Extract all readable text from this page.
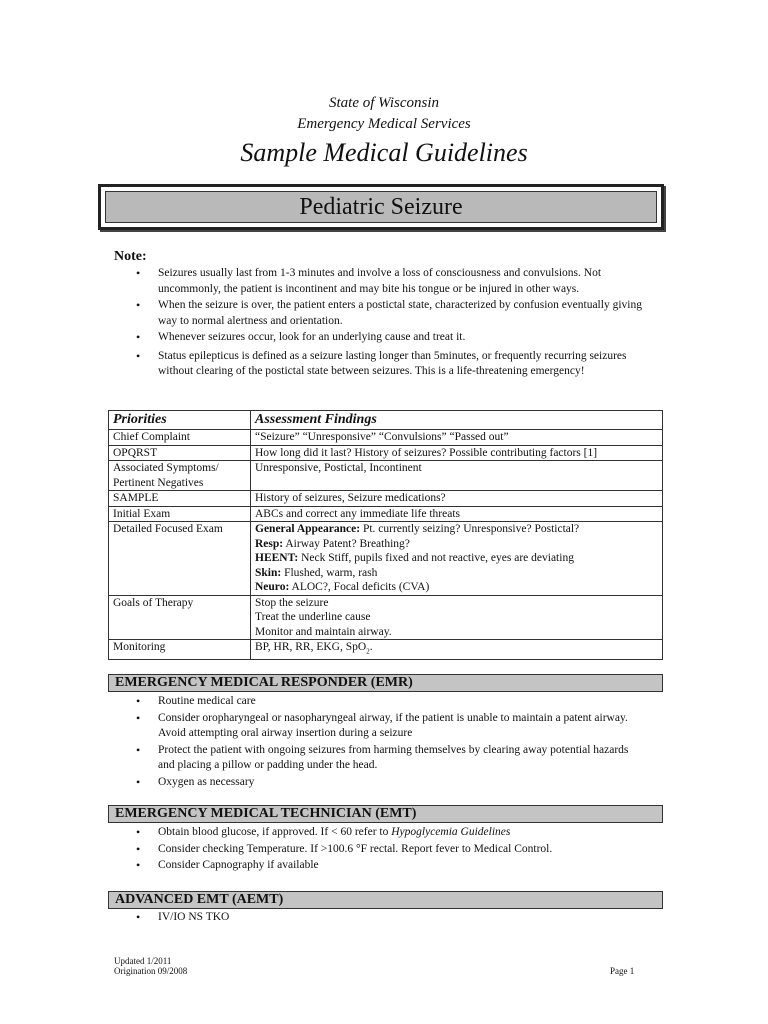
State of Wisconsin
Emergency Medical Services
Sample Medical Guidelines
Pediatric Seizure
Note:
• Seizures usually last from 1-3 minutes and involve a loss of consciousness and convulsions. Not uncommonly, the patient is incontinent and may bite his tongue or be injured in other ways.
• When the seizure is over, the patient enters a postictal state, characterized by confusion eventually giving way to normal alertness and orientation.
• Whenever seizures occur, look for an underlying cause and treat it.
• Status epilepticus is defined as a seizure lasting longer than 5minutes, or frequently recurring seizures without clearing of the postictal state between seizures. This is a life-threatening emergency!
Priorities	Assessment Findings
Chief Complaint	“Seizure” “Unresponsive” “Convulsions” “Passed out”
OPQRST	How long did it last? History of seizures? Possible contributing factors [1]
Associated Symptoms/ Pertinent Negatives	Unresponsive, Postictal, Incontinent
SAMPLE	History of seizures, Seizure medications?
Initial Exam	ABCs and correct any immediate life threats
Detailed Focused Exam	General Appearance: Pt. currently seizing? Unresponsive? Postictal?
Resp: Airway Patent? Breathing?
HEENT: Neck Stiff, pupils fixed and not reactive, eyes are deviating
Skin: Flushed, warm, rash
Neuro: ALOC?, Focal deficits (CVA)

Goals of Therapy	Stop the seizure
Treat the underline cause
Monitor and maintain airway.

Monitoring	BP, HR, RR, EKG, SpO$_2$.
EMERGENCY MEDICAL RESPONDER (EMR)
• Routine medical care
• Consider oropharyngeal or nasopharyngeal airway, if the patient is unable to maintain a patent airway. Avoid attempting oral airway insertion during a seizure
• Protect the patient with ongoing seizures from harming themselves by clearing away potential hazards and placing a pillow or padding under the head.
• Oxygen as necessary
EMERGENCY MEDICAL TECHNICIAN (EMT)
• Obtain blood glucose, if approved. If < 60 refer to Hypoglycemia Guidelines
• Consider checking Temperature. If >100.6 °F rectal. Report fever to Medical Control.
• Consider Capnography if available
ADVANCED EMT (AEMT)
• IV/IO NS TKO
Updated 1/2011
Origination 09/2008	Page 1
